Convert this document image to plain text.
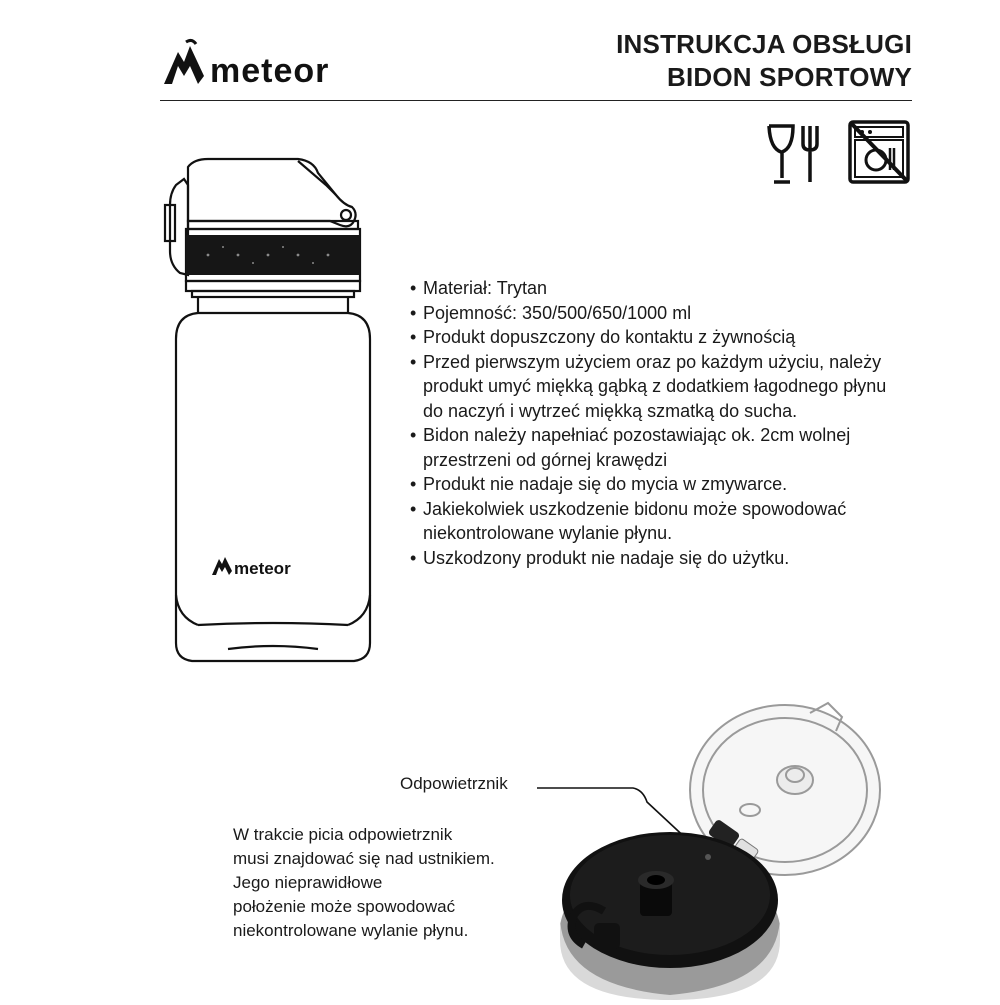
meteor
INSTRUKCJA OBSŁUGI
BIDON SPORTOWY
meteor
• Materiał: Trytan
• Pojemność: 350/500/650/1000 ml
• Produkt dopuszczony do kontaktu z żywnością
• Przed pierwszym użyciem oraz po każdym użyciu, należy produkt umyć miękką gąbką z dodatkiem łagodnego płynu do naczyń i wytrzeć miękką szmatką do sucha.
• Bidon należy napełniać pozostawiając ok. 2cm wolnej przestrzeni od górnej krawędzi
• Produkt nie nadaje się do mycia w zmywarce.
• Jakiekolwiek uszkodzenie bidonu może spowodować niekontrolowane wylanie płynu.
• Uszkodzony produkt nie nadaje się do użytku.
Odpowietrznik
W trakcie picia odpowietrznik
musi znajdować się nad ustnikiem.
Jego nieprawidłowe
położenie może spowodować
niekontrolowane wylanie płynu.
